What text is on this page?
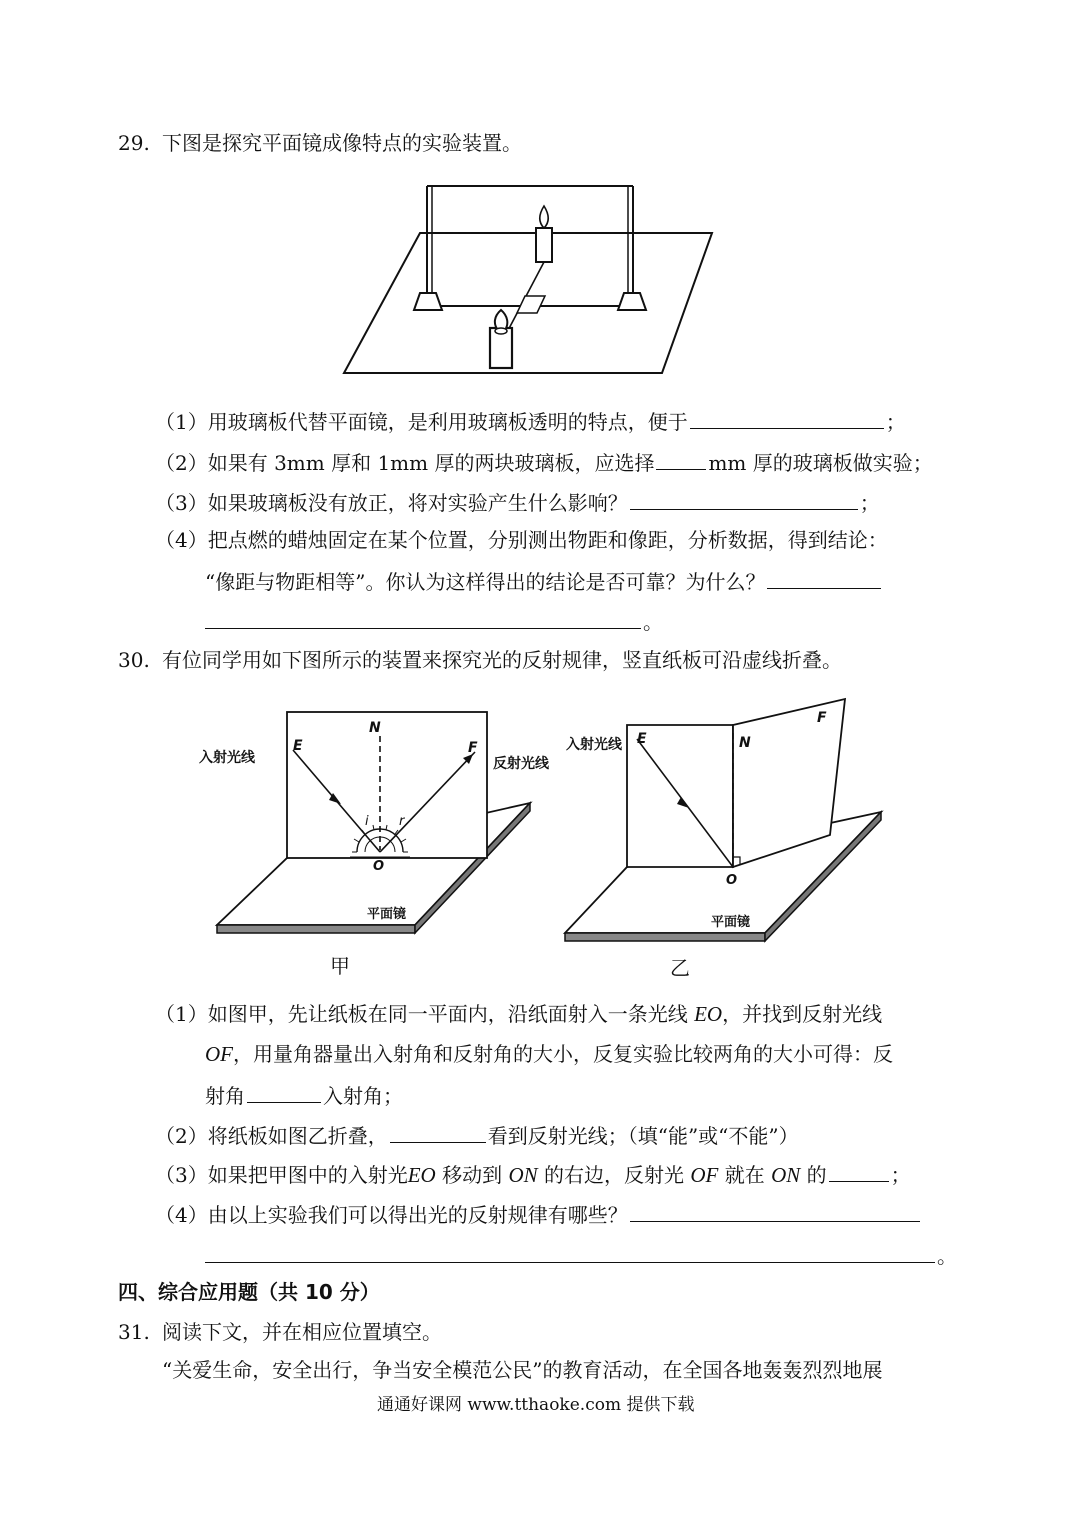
29. 下图是探究平面镜成像特点的实验装置。
（1）用玻璃板代替平面镜，是利用玻璃板透明的特点，便于	；
（2）如果有 3mm 厚和 1mm 厚的两块玻璃板，应选择	mm 厚的玻璃板做实验；
（3）如果玻璃板没有放正，将对实验产生什么影响？	；
（4）把点燃的蜡烛固定在某个位置，分别测出物距和像距，分析数据，得到结论：
“像距与物距相等”。你认为这样得出的结论是否可靠？为什么？
。
30. 有位同学用如下图所示的装置来探究光的反射规律，竖直纸板可沿虚线折叠。
入射光线	反射光线
E
N
F
O
i r
平面镜
甲
入射光线 E	N
F
O
平面镜
乙
（1）如图甲，先让纸板在同一平面内，沿纸面射入一条光线 EO，并找到反射光线
OF，用量角器量出入射角和反射角的大小，反复实验比较两角的大小可得：反
射角	入射角；
（2）将纸板如图乙折叠，	看到反射光线；（填“能”或“不能”）
（3）如果把甲图中的入射光EO 移动到 ON 的右边，反射光 OF 就在 ON 的	；
（4）由以上实验我们可以得出光的反射规律有哪些？
。
四、综合应用题（共 10 分）
31. 阅读下文，并在相应位置填空。
“关爱生命，安全出行，争当安全模范公民”的教育活动，在全国各地轰轰烈烈地展
通通好课网 www.tthaoke.com 提供下载
